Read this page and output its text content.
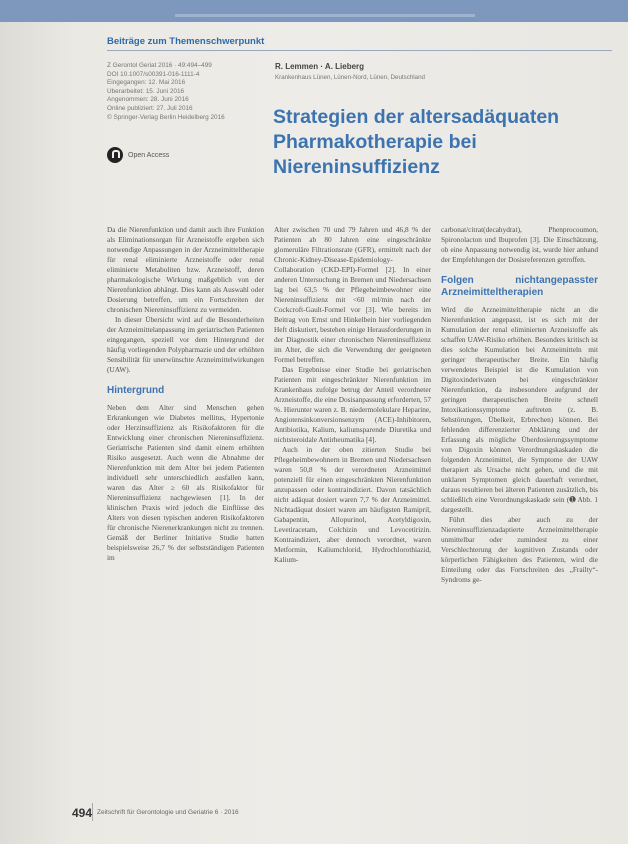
Beiträge zum Themenschwerpunkt
Z Gerontol Geriat 2016 · 49:494–499
DOI 10.1007/s00391-016-1111-4
Eingegangen: 12. Mai 2016
Überarbeitet: 15. Juni 2016
Angenommen: 28. Juni 2016
Online publiziert: 27. Juli 2016
© Springer-Verlag Berlin Heidelberg 2016
Open Access
R. Lemmen · A. Lieberg
Krankenhaus Lünen, Lünen-Nord, Lünen, Deutschland
Strategien der altersadäquaten Pharmakotherapie bei Niereninsuffizienz

Da die Nierenfunktion und damit auch ihre Funktion als Eliminationsorgan für Arzneistoffe ergeben sich notwendige Anpassungen in der Arzneimitteltherapie für renal eliminierte Arzneistoffe oder renal eliminierte Metaboliten bzw. Arzneistoff, deren pharmakologische Wirkung maßgeblich von der Nierenfunktion abhängt. Dies kann als Auswahl oder Dosierung betreffen, um ein Fortschreiten der chronischen Niereninsuffizienz zu vermeiden.

In dieser Übersicht wird auf die Besonderheiten der Arzneimittelanpassung im geriatrischen Patienten eingegangen, speziell vor dem Hintergrund der häufig vorliegenden Polypharmazie und der erhöhten Sensibilität für unerwünschte Arzneimittelwirkungen (UAW).

Hintergrund

Neben dem Alter sind Menschen gehen Erkrankungen wie Diabetes mellitus, Hypertonie oder Herzinsuffizienz als Risikofaktoren für die Entwicklung einer chronischen Niereninsuffizienz. Geriatrische Patienten sind damit einem erhöhten Risiko ausgesetzt. Auch wenn die Abnahme der Nierenfunktion mit dem Alter bei jedem Patienten individuell sehr unterschiedlich ausfallen kann, waren das Alter ≥ 60 als Risikofaktor für Niereninsuffizienz nachgewiesen [1]. In der klinischen Praxis wird jedoch die Einflüsse des Alters von diesen typischen anderen Risikofaktoren für chronische Nierenerkrankungen nicht zu trennen. Gemäß der Berliner Initiative Studie hatten beispielsweise 26,7 % der selbstständigen Patienten im

Alter zwischen 70 und 79 Jahren und 46,8 % der Patienten ab 80 Jahren eine eingeschränkte glomeruläre Filtrationsrate (GFR), ermittelt nach der Chronic-Kidney-Disease-Epidemiology-Collaboration (CKD-EPI)-Formel [2]. In einer anderen Untersuchung in Bremen und Niedersachsen lag bei 63,5 % der Pflegeheimbewohner eine Niereninsuffizienz mit <60 ml/min nach der Cockcroft-Gault-Formel vor [3]. Wie bereits im Beitrag von Ernst und Hinkelbein hier vorliegenden Heft diskutiert, bestehen einige Herausforderungen in der Diagnostik einer chronischen Niereninsuffizienz im Alter, die sich die Verwendung der geeigneten Formel betreffen.

Das Ergebnisse einer Studie bei geriatrischen Patienten mit eingeschränkter Nierenfunktion im Krankenhaus zufolge betrug der Anteil verordneter Arzneistoffe, die eine Dosisanpassung erforderten, 57 %. Hierunter waren z. B. niedermolekulare Heparine, Angiotensinkonversionsenzym (ACE)-Inhibitoren, Antibiotika, Kalium, kaliumsparende Diuretika und nichtsteroidale Antirheumatika [4].

Auch in der oben zitierten Studie bei Pflegeheimbewohnern in Bremen und Niedersachsen waren 50,8 % der verordneten Arzneimittel potenziell für einen eingeschränkten Nierenfunktion anzupassen oder kontraindiziert. Davon tatsächlich nicht adäquat dosiert waren 7,7 % der Arzneimittel. Nichtadäquat dosiert waren am häufigsten Ramipril, Gabapentin, Allopurinol, Acetyldigoxin, Levetiracetam, Colchizin und Levocetirizin. Kontraindiziert, aber dennoch verordnet, waren Metformin, Kaliumchlorid, Hydrochlorothiazid, Kalium-

carbonat/citrat(decahydrat), Phenprocoumon, Spironolacton und Ibuprofen [3]. Die Einschätzung, ob eine Anpassung notwendig ist, wurde hier anhand der Empfehlungen der Dosisreferenzen getroffen.

Folgen nichtangepasster Arzneimitteltherapien

Wird die Arzneimitteltherapie nicht an die Nierenfunktion angepasst, ist es sich mit der Kumulation der renal eliminierten Arzneistoffe als schaffen UAW-Risiko erhöhen. Besonders kritisch ist dies solche Kumulation bei Arzneimitteln mit geringer therapeutischer Breite. Ein häufig verwendetes Beispiel ist die Kumulation von Digitoxinderivaten bei eingeschränkter Nierenfunktion, da insbesondere aufgrund der geringen therapeutischen Breite schnell Intoxikationssymptome auftreten (z. B. Sehstörungen, Übelkeit, Erbrechen) können. Bei fehlenden differenzierter Abklärung und der Erfassung als mögliche Überdosierungssymptome von Digoxin können Verordnungskaskaden die folgenden Arzneimittel, die Symptome der UAW therapiert als Ursache nicht gehen, und die mit unklaren Symptomen gleich dauerhaft verordnet, daraus resultieren bei älteren Patienten zusätzlich, bis schließlich eine Verordnungskaskade sein (➊ Abb. 1 dargestellt.

Führt dies aber auch zu der Niereninsuffizienzadaptierte Arzneimitteltherapie unmittelbar oder zumindest zu einer Verschlechterung der kognitiven Zustands oder körperlichen Fähigkeiten des Patienten, wird die Einteilung oder das Fortschreiten des „Frailty“-Syndroms ge-

494 Zeitschrift für Gerontologie und Geriatrie 6 · 2016
